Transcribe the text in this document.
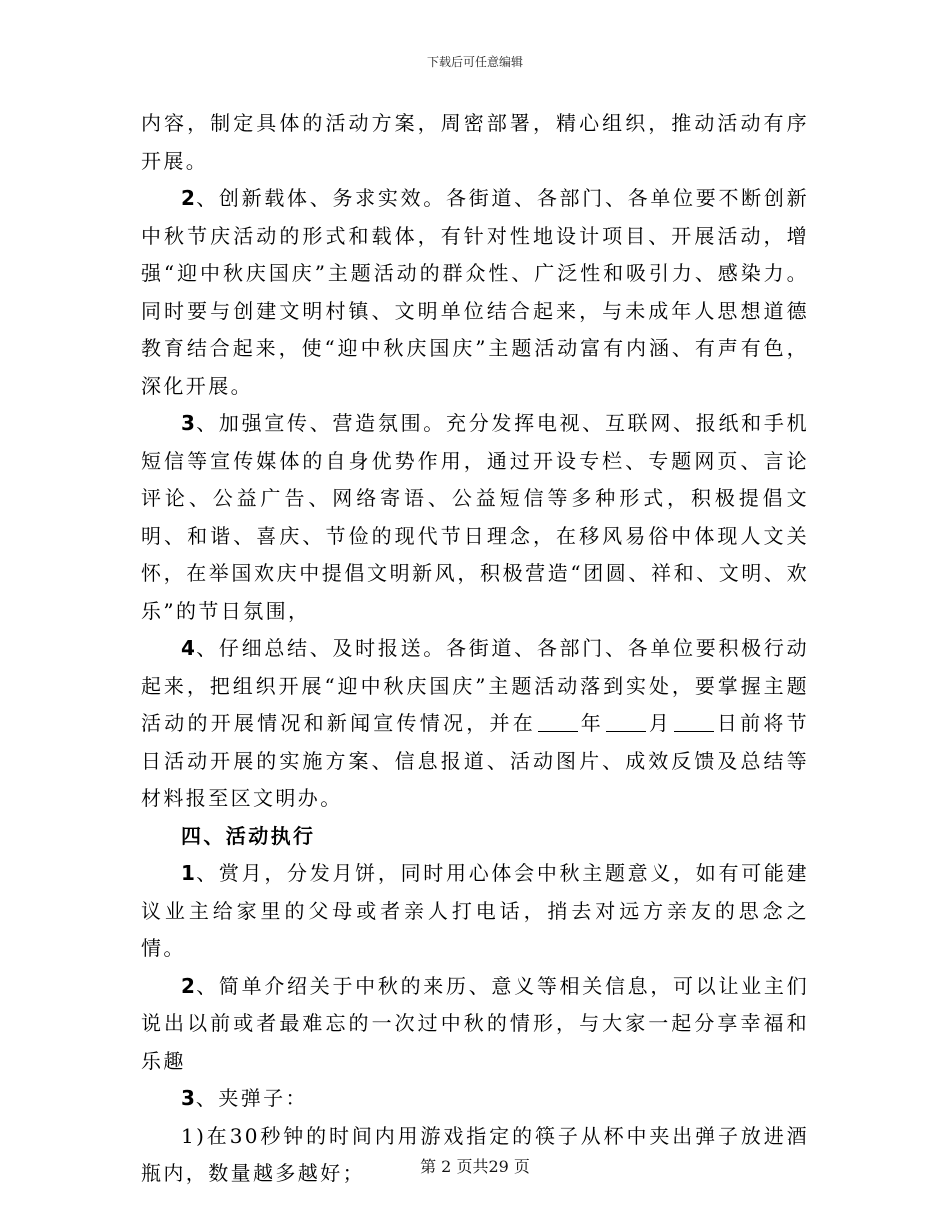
下载后可任意编辑

内容，制定具体的活动方案，周密部署，精心组织，推动活动有序开展。

2、创新载体、务求实效。各街道、各部门、各单位要不断创新中秋节庆活动的形式和载体，有针对性地设计项目、开展活动，增强“迎中秋庆国庆”主题活动的群众性、广泛性和吸引力、感染力。同时要与创建文明村镇、文明单位结合起来，与未成年人思想道德教育结合起来，使“迎中秋庆国庆”主题活动富有内涵、有声有色，深化开展。

3、加强宣传、营造氛围。充分发挥电视、互联网、报纸和手机短信等宣传媒体的自身优势作用，通过开设专栏、专题网页、言论评论、公益广告、网络寄语、公益短信等多种形式，积极提倡文明、和谐、喜庆、节俭的现代节日理念，在移风易俗中体现人文关怀，在举国欢庆中提倡文明新风，积极营造“团圆、祥和、文明、欢乐”的节日氛围，

4、仔细总结、及时报送。各街道、各部门、各单位要积极行动起来，把组织开展“迎中秋庆国庆”主题活动落到实处，要掌握主题活动的开展情况和新闻宣传情况，并在 年 月 日前将节日活动开展的实施方案、信息报道、活动图片、成效反馈及总结等材料报至区文明办。

四、活动执行

1、赏月，分发月饼，同时用心体会中秋主题意义，如有可能建议业主给家里的父母或者亲人打电话，捎去对远方亲友的思念之情。

2、简单介绍关于中秋的来历、意义等相关信息，可以让业主们说出以前或者最难忘的一次过中秋的情形，与大家一起分享幸福和乐趣

3、夹弹子：

1)在30秒钟的时间内用游戏指定的筷子从杯中夹出弹子放进酒瓶内，数量越多越好；	第 2 页共29 页
